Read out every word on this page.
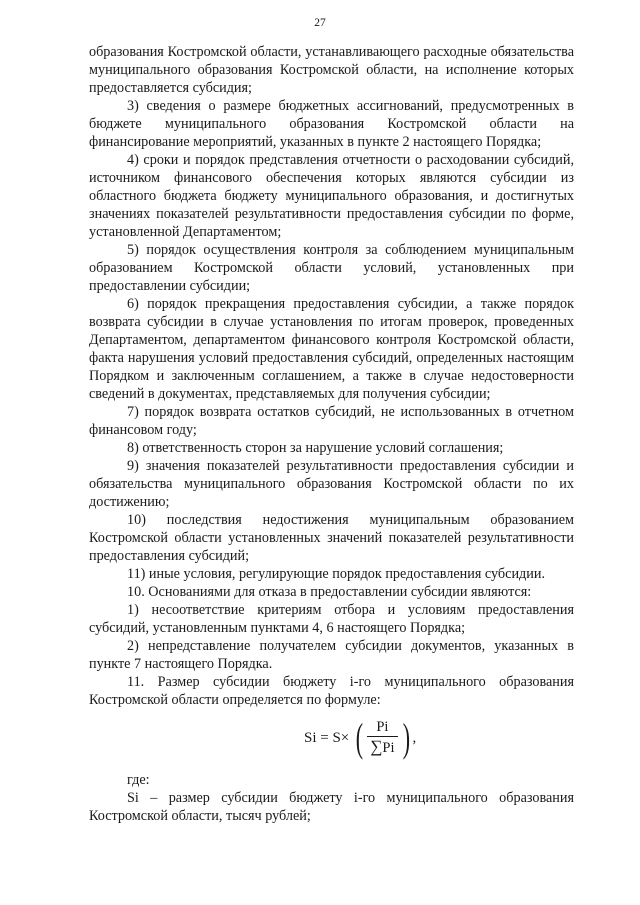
27

образования Костромской области, устанавливающего расходные обязательства муниципального образования Костромской области, на исполнение которых предоставляется субсидия;

3) сведения о размере бюджетных ассигнований, предусмотренных в бюджете муниципального образования Костромской области на финансирование мероприятий, указанных в пункте 2 настоящего Порядка;

4) сроки и порядок представления отчетности о расходовании субсидий, источником финансового обеспечения которых являются субсидии из областного бюджета бюджету муниципального образования, и достигнутых значениях показателей результативности предоставления субсидии по форме, установленной Департаментом;

5) порядок осуществления контроля за соблюдением муниципальным образованием Костромской области условий, установленных при предоставлении субсидии;

6) порядок прекращения предоставления субсидии, а также порядок возврата субсидии в случае установления по итогам проверок, проведенных Департаментом, департаментом финансового контроля Костромской области, факта нарушения условий предоставления субсидий, определенных настоящим Порядком и заключенным соглашением, а также в случае недостоверности сведений в документах, представляемых для получения субсидии;

7) порядок возврата остатков субсидий, не использованных в отчетном финансовом году;

8) ответственность сторон за нарушение условий соглашения;

9) значения показателей результативности предоставления субсидии и обязательства муниципального образования Костромской области по их достижению;

10) последствия недостижения муниципальным образованием Костромской области установленных значений показателей результативности предоставления субсидий;

11) иные условия, регулирующие порядок предоставления субсидии.

10. Основаниями для отказа в предоставлении субсидии являются:

1) несоответствие критериям отбора и условиям предоставления субсидий, установленным пунктами 4, 6 настоящего Порядка;

2) непредставление получателем субсидии документов, указанных в пункте 7 настоящего Порядка.

11. Размер субсидии бюджету i-го муниципального образования Костромской области определяется по формуле:

Si = S× ( $\frac{Pi}{\sum Pi}$ ) ,

где:

Si – размер субсидии бюджету i-го муниципального образования Костромской области, тысяч рублей;
